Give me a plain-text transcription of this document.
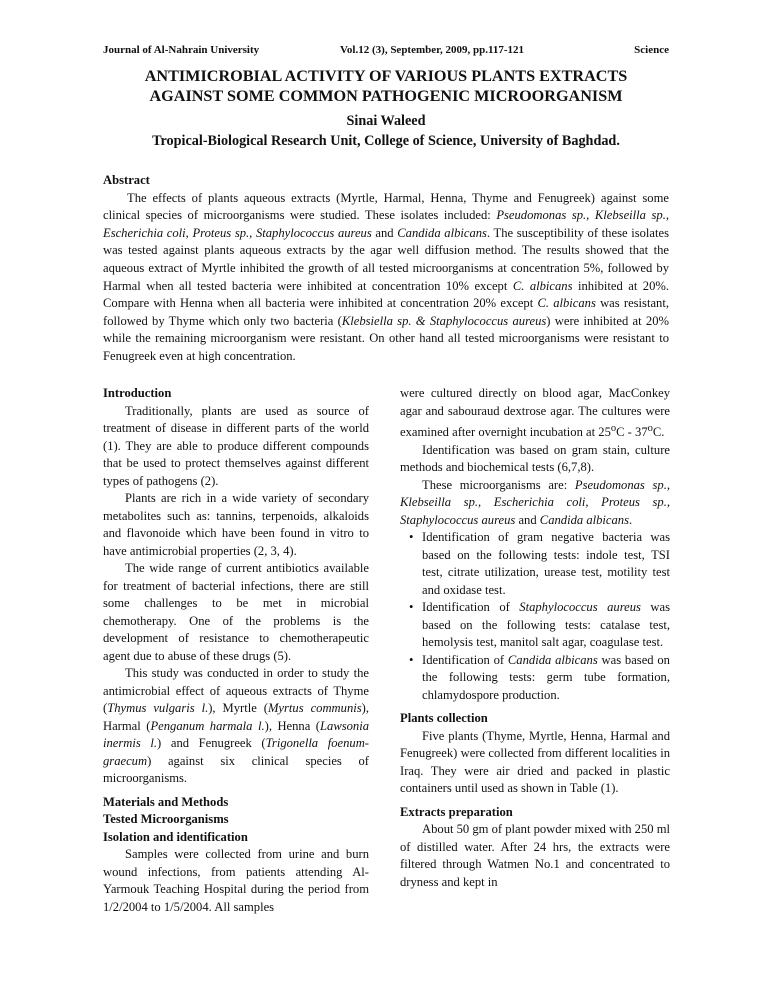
Journal of Al-Nahrain University	Vol.12 (3), September, 2009, pp.117-121	Science
ANTIMICROBIAL ACTIVITY OF VARIOUS PLANTS EXTRACTS
AGAINST SOME COMMON PATHOGENIC MICROORGANISM
Sinai Waleed
Tropical-Biological Research Unit, College of Science, University of Baghdad.
Abstract

The effects of plants aqueous extracts (Myrtle, Harmal, Henna, Thyme and Fenugreek) against some clinical species of microorganisms were studied. These isolates included: Pseudomonas sp., Klebseilla sp., Escherichia coli, Proteus sp., Staphylococcus aureus and Candida albicans. The susceptibility of these isolates was tested against plants aqueous extracts by the agar well diffusion method. The results showed that the aqueous extract of Myrtle inhibited the growth of all tested microorganisms at concentration 5%, followed by Harmal when all tested bacteria were inhibited at concentration 10% except C. albicans inhibited at 20%. Compare with Henna when all bacteria were inhibited at concentration 20% except C. albicans was resistant, followed by Thyme which only two bacteria (Klebsiella sp. & Staphylococcus aureus) were inhibited at 20% while the remaining microorganism were resistant. On other hand all tested microorganisms were resistant to Fenugreek even at high concentration.

Introduction

Traditionally, plants are used as source of treatment of disease in different parts of the world (1). They are able to produce different compounds that be used to protect themselves against different types of pathogens (2).

Plants are rich in a wide variety of secondary metabolites such as: tannins, terpenoids, alkaloids and flavonoide which have been found in vitro to have antimicrobial properties (2, 3, 4).

The wide range of current antibiotics available for treatment of bacterial infections, there are still some challenges to be met in microbial chemotherapy. One of the problems is the development of resistance to chemotherapeutic agent due to abuse of these drugs (5).

This study was conducted in order to study the antimicrobial effect of aqueous extracts of Thyme (Thymus vulgaris l.), Myrtle (Myrtus communis), Harmal (Penganum harmala l.), Henna (Lawsonia inermis l.) and Fenugreek (Trigonella foenum-graecum) against six clinical species of microorganisms.

Materials and Methods
Tested Microorganisms
Isolation and identification

Samples were collected from urine and burn wound infections, from patients attending Al-Yarmouk Teaching Hospital during the period from 1/2/2004 to 1/5/2004. All samples

were cultured directly on blood agar, MacConkey agar and sabouraud dextrose agar. The cultures were examined after overnight incubation at 25$^o$C - 37$^o$C.

Identification was based on gram stain, culture methods and biochemical tests (6,7,8).

These microorganisms are: Pseudomonas sp., Klebseilla sp., Escherichia coli, Proteus sp., Staphylococcus aureus and Candida albicans.

• Identification of gram negative bacteria was based on the following tests: indole test, TSI test, citrate utilization, urease test, motility test and oxidase test.
• Identification of Staphylococcus aureus was based on the following tests: catalase test, hemolysis test, manitol salt agar, coagulase test.
• Identification of Candida albicans was based on the following tests: germ tube formation, chlamydospore production.
Plants collection

Five plants (Thyme, Myrtle, Henna, Harmal and Fenugreek) were collected from different localities in Iraq. They were air dried and packed in plastic containers until used as shown in Table (1).

Extracts preparation

About 50 gm of plant powder mixed with 250 ml of distilled water. After 24 hrs, the extracts were filtered through Watmen No.1 and concentrated to dryness and kept in
